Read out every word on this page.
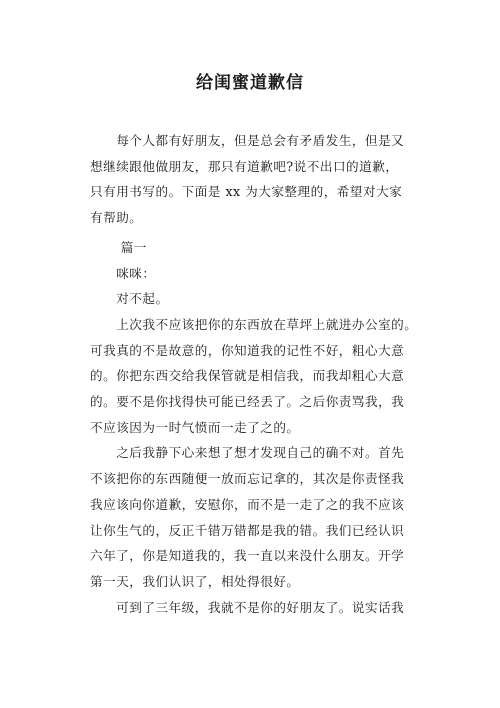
给闺蜜道歉信
　　每个人都有好朋友，但是总会有矛盾发生，但是又
想继续跟他做朋友，那只有道歉吧?说不出口的道歉，
只有用书写的。下面是 xx 为大家整理的，希望对大家
有帮助。
　　 篇一
　　咪咪：
　　对不起。
　　上次我不应该把你的东西放在草坪上就进办公室的。
可我真的不是故意的，你知道我的记性不好，粗心大意
的。你把东西交给我保管就是相信我，而我却粗心大意
的。要不是你找得快可能已经丢了。之后你责骂我，我
不应该因为一时气愤而一走了之的。
　　之后我静下心来想了想才发现自己的确不对。首先
不该把你的东西随便一放而忘记拿的，其次是你责怪我
我应该向你道歉，安慰你，而不是一走了之的我不应该
让你生气的，反正千错万错都是我的错。我们已经认识
六年了，你是知道我的，我一直以来没什么朋友。开学
第一天，我们认识了，相处得很好。
　　可到了三年级，我就不是你的好朋友了。说实话我
